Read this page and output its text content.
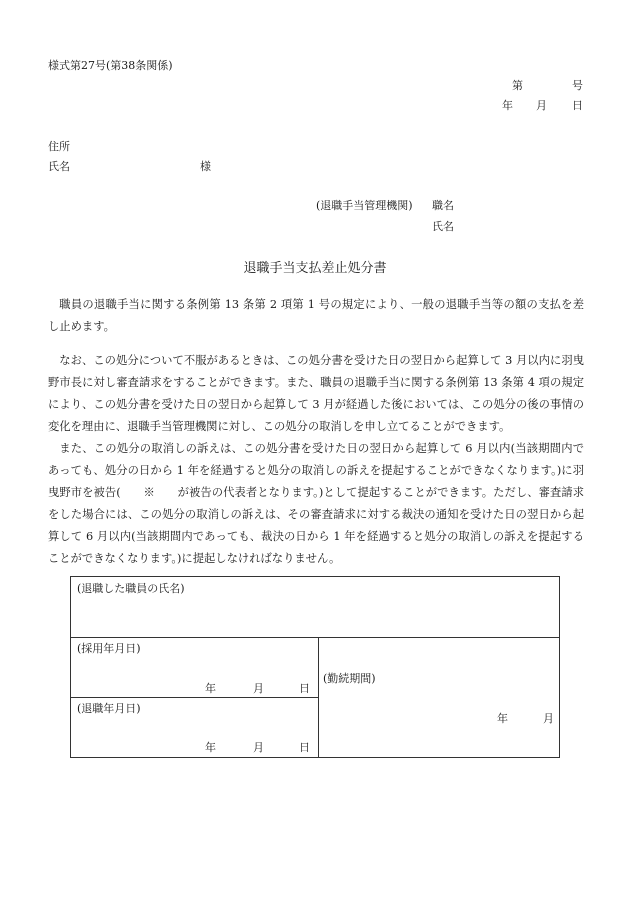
様式第27号(第38条関係)
第	号
年 月 日
住所
氏名	様
(退職手当管理機関) 職名
氏名
退職手当支払差止処分書
職員の退職手当に関する条例第 13 条第 2 項第 1 号の規定により、一般の退職手当等の額の支払を差し止めます。
なお、この処分について不服があるときは、この処分書を受けた日の翌日から起算して 3 月以内に羽曳野市長に対し審査請求をすることができます。また、職員の退職手当に関する条例第 13 条第 4 項の規定により、この処分書を受けた日の翌日から起算して 3 月が経過した後においては、この処分の後の事情の変化を理由に、退職手当管理機関に対し、この処分の取消しを申し立てることができます。
また、この処分の取消しの訴えは、この処分書を受けた日の翌日から起算して 6 月以内(当該期間内であっても、処分の日から 1 年を経過すると処分の取消しの訴えを提起することができなくなります。)に羽曳野市を被告(　　※　　が被告の代表者となります。)として提起することができます。ただし、審査請求をした場合には、この処分の取消しの訴えは、その審査請求に対する裁決の通知を受けた日の翌日から起算して 6 月以内(当該期間内であっても、裁決の日から 1 年を経過すると処分の取消しの訴えを提起することができなくなります。)に提起しなければなりません。
(退職した職員の氏名)
(採用年月日)
年	月	日
(退職年月日)
年	月	日
(勤続期間)
年	月
